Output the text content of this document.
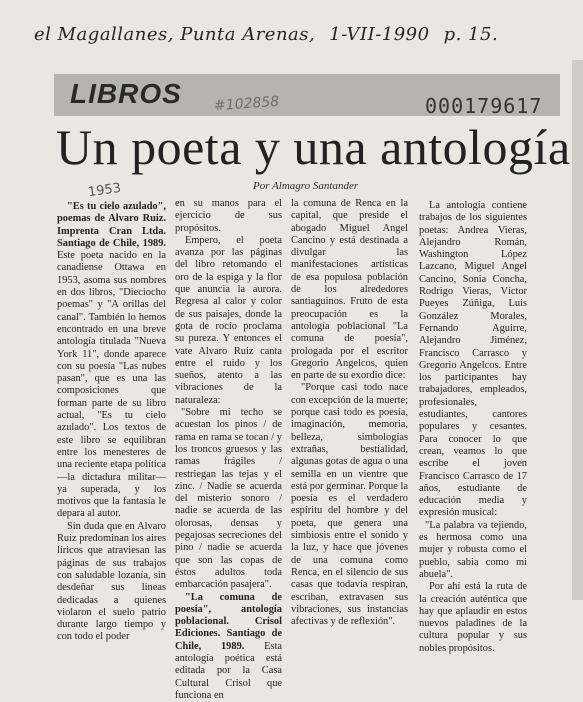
el Magallanes, Punta Arenas, 1-VII-1990 p. 15.
LIBROS #102858	000179617
Un poeta y una antología
1953	Por Almagro Santander

"Es tu cielo azulado", poemas de Alvaro Ruiz. Imprenta Cran Ltda. Santiago de Chile, 1989. Este poeta nacido en la canadiense Ottawa en 1953, asoma sus nombres en dos libros, "Dieciocho poemas" y "A orillas del canal". También lo hemos encontrado en una breve antología titulada "Nueva York 11", donde aparece con su poesía "Las nubes pasan", que es una las composiciones que forman parte de su libro actual, "Es tu cielo azulado". Los textos de este libro se equilibran entre los menesteres de una reciente etapa política —la dictadura militar— ya superada, y los motivos que la fantasía le depara al autor.

Sin duda que en Alvaro Ruiz predominan los aires líricos que atraviesan las páginas de sus trabajos con saludable lozanía, sin desdeñar sus líneas dedicadas a quienes violaron el suelo patrio durante largo tiempo y con todo el poder

en su manos para el ejercicio de sus propósitos.

Empero, el poeta avanza por las páginas del libro retomando el oro de la espiga y la flor que anuncia la aurora. Regresa al calor y color de sus paisajes, donde la gota de rocío proclama su pureza. Y entonces el vate Alvaro Ruiz canta entre el ruido y los sueños, atento a las vibraciones de la naturaleza:

"Sobre mi techo se acuestan los pinos / de rama en rama se tocan / y los troncos gruesos y las ramas frágiles / restriegan las tejas y el zinc. / Nadie se acuerda del misterio sonoro / nadie se acuerda de las olorosas, densas y pegajosas secreciones del pino / nadie se acuerda que son las copas de éstos adultos toda embarcación pasajera".

"La comuna de poesía", antología poblacional. Crisol Ediciones. Santiago de Chile, 1989. Esta antología poética está editada por la Casa Cultural Crisol que funciona en

la comuna de Renca en la capital, que preside el abogado Miguel Angel Cancino y está destinada a divulgar las manifestaciones artísticas de esa populosa población de los alrededores santiaguinos. Fruto de esta preocupación es la antología poblacional "La comuna de poesía", prologada por el escritor Gregorio Angelcos, quien en parte de su exordio dice:

"Porque casi todo nace con excepción de la muerte; porque casi todo es poesía, imaginación, memoria, belleza, simbologías extrañas, bestialidad, algunas gotas de agua o una semilla en un vientre que está por germinar. Porque la poesía es el verdadero espíritu del hombre y del poeta, que genera una simbiosis entre el sonido y la luz, y hace que jóvenes de una comuna como Renca, en el silencio de sus casas que todavía respiran, escriban, extravasen sus vibraciones, sus instancias afectivas y de reflexión".

La antología contiene trabajos de los siguientes poetas: Andrea Vieras, Alejandro Román, Washington López Lazcano, Miguel Angel Cancino, Sonia Concha, Rodrigo Vieras, Víctor Pueyes Zúñiga, Luis González Morales, Fernando Aguirre, Alejandro Jiménez, Francisco Carrasco y Gregorio Angelcos. Entre los participantes hay trabajadores, empleados, profesionales, estudiantes, cantores populares y cesantes. Para conocer lo que crean, veamos lo que escribe el joven Francisco Carrasco de 17 años, estudiante de educación media y expresión musical:

"La palabra va tejiendo, es hermosa como una mujer y robusta como el pueblo, sabia como mi abuela".

Por ahí está la ruta de la creación auténtica que hay que aplaudir en estos nuevos paladines de la cultura popular y sus nobles propósitos.
